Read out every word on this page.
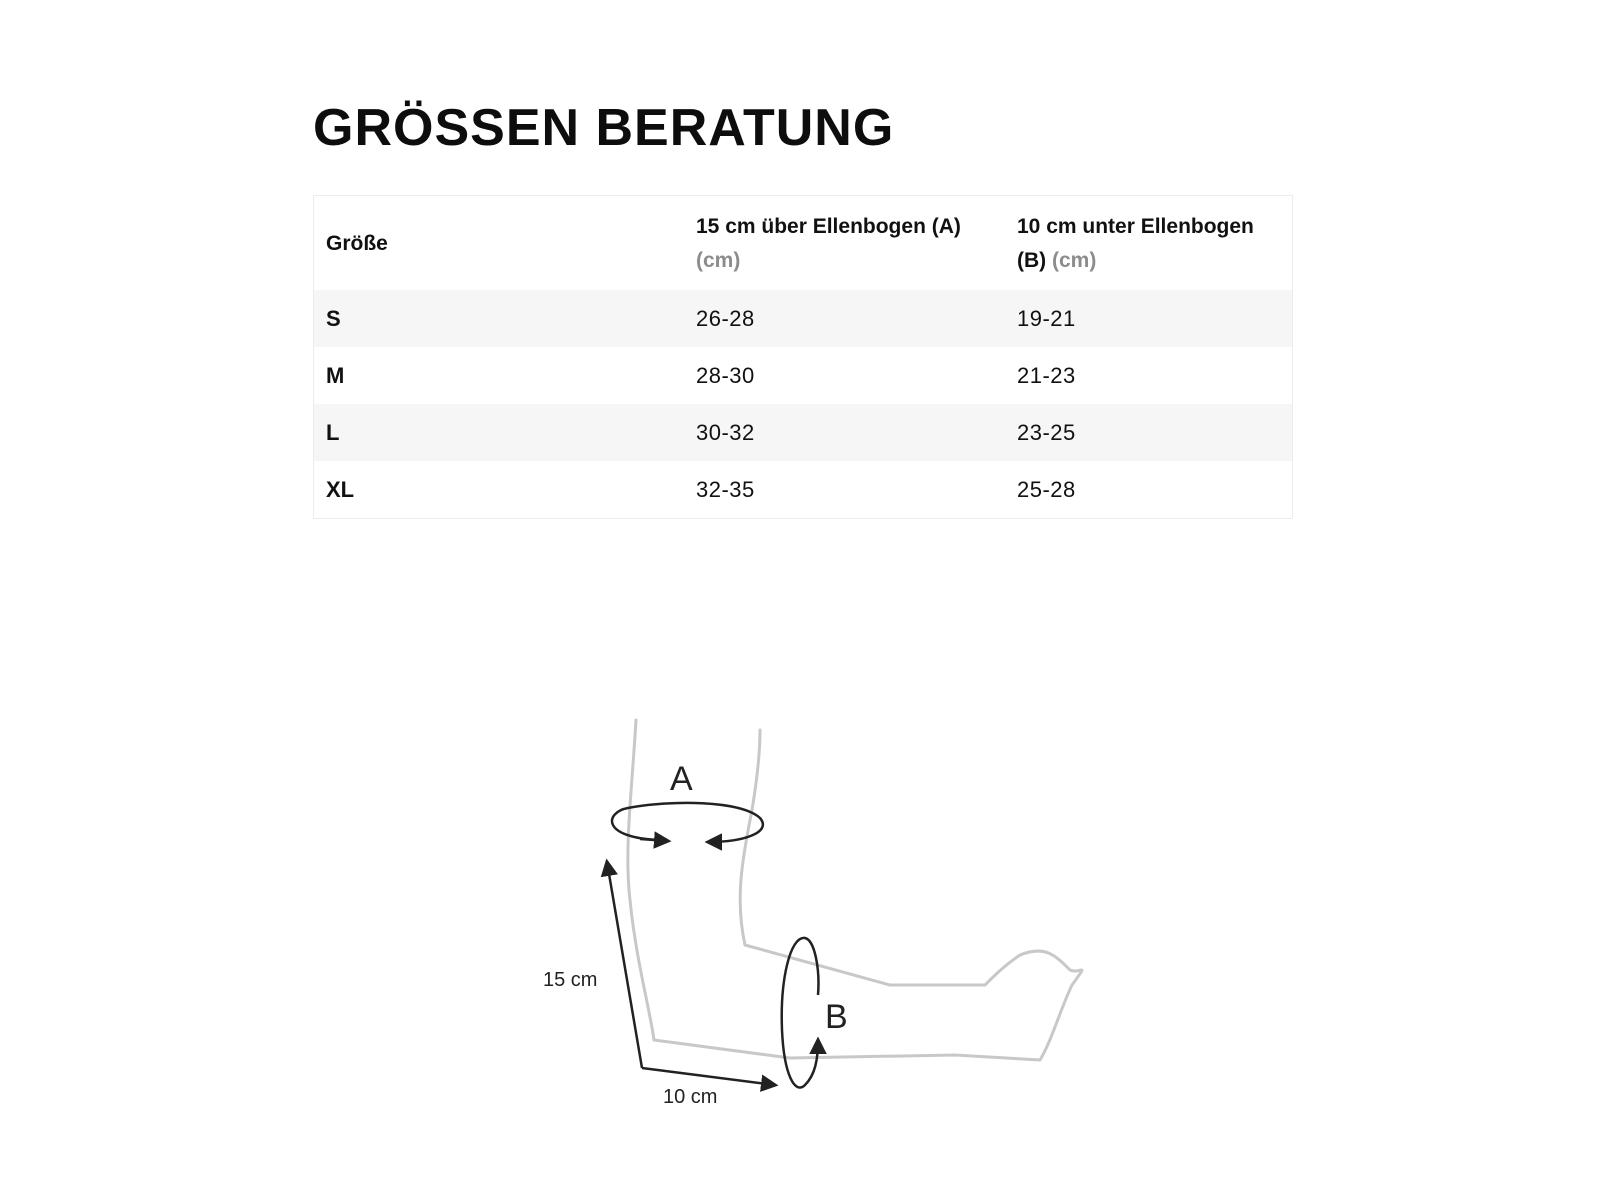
GRÖSSEN BERATUNG
Größe	15 cm über Ellenbogen (A) (cm)	10 cm unter Ellenbogen (B) (cm)
S	26-28	19-21
M	28-30	21-23
L	30-32	23-25
XL	32-35	25-28
A
B
15 cm
10 cm
